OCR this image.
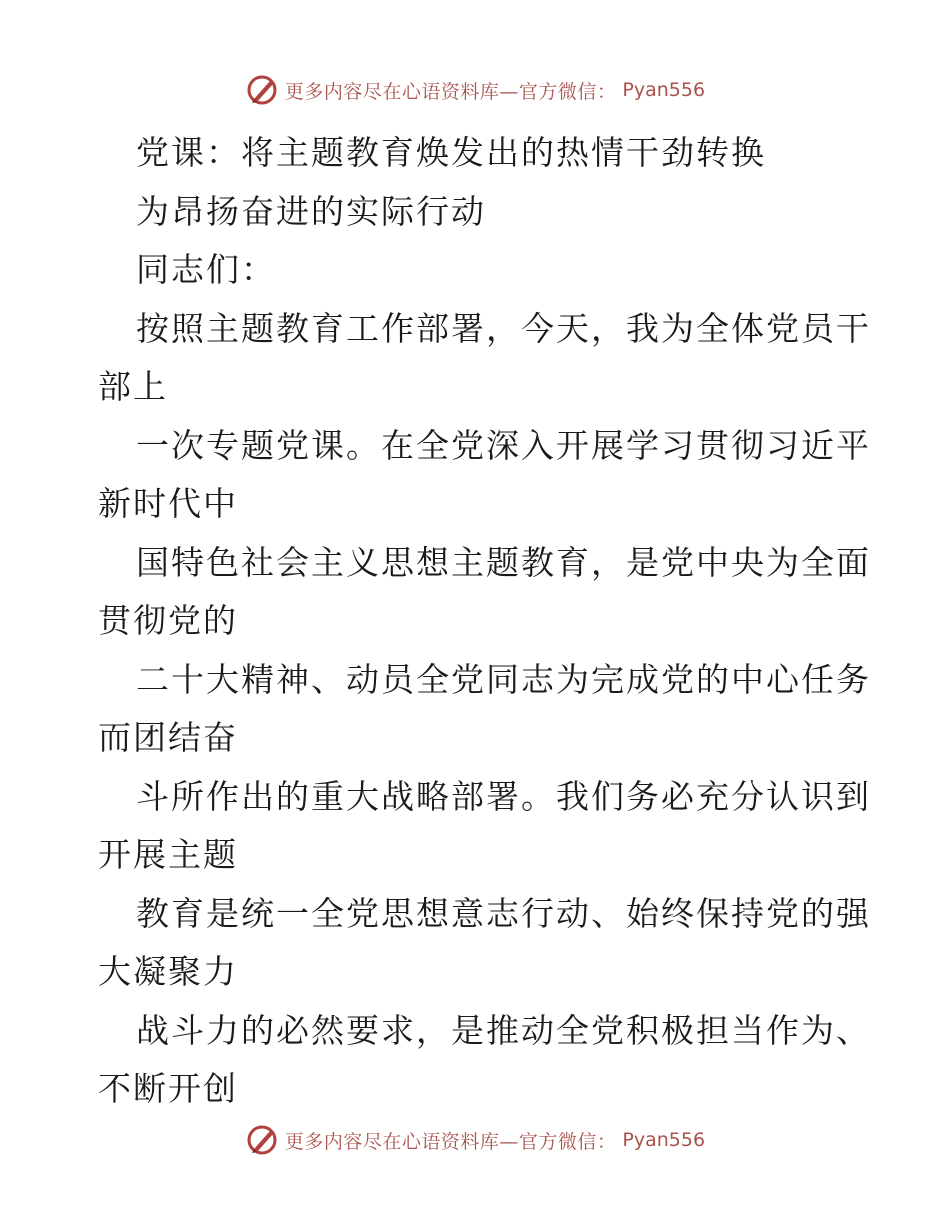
更多内容尽在心语资料库—官方微信： Pyan556
党课：将主题教育焕发出的热情干劲转换
为昂扬奋进的实际行动
同志们：
按照主题教育工作部署，今天，我为全体党员干
部上
一次专题党课。在全党深入开展学习贯彻习近平
新时代中
国特色社会主义思想主题教育，是党中央为全面
贯彻党的
二十大精神、动员全党同志为完成党的中心任务
而团结奋
斗所作出的重大战略部署。我们务必充分认识到
开展主题
教育是统一全党思想意志行动、始终保持党的强
大凝聚力
战斗力的必然要求，是推动全党积极担当作为、
不断开创
更多内容尽在心语资料库—官方微信： Pyan556
